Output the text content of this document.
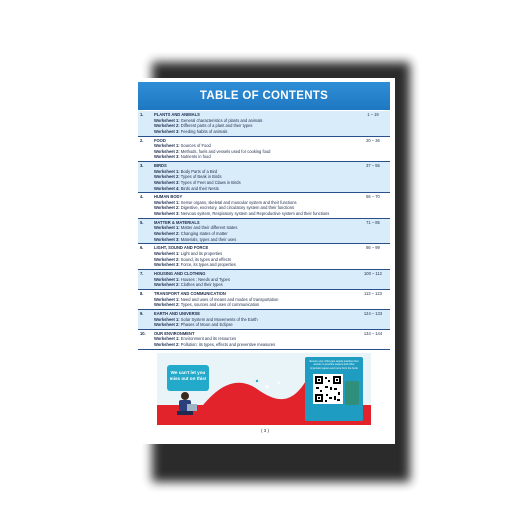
TABLE OF CONTENTS
1.	PLANTS AND ANIMALS	1 – 19
Worksheet 1:
General characteristics of plants and animals
Worksheet 2:
Different parts of a plant and their types
Worksheet 3:
Feeding habits of animals
2.	FOOD	20 – 36
Worksheet 1:
Sources of Food
Worksheet 2:
Methods, fuels and vessels used for cooking food
Worksheet 3:
Nutrients in food
3.	BIRDS	37 – 55
Worksheet 1:
Body Parts of a Bird
Worksheet 2:
Types of Beak in Birds
Worksheet 3:
Types of Feet and Claws in Birds
Worksheet 4:
Birds and their Nests
4.	HUMAN BODY	56 – 70
Worksheet 1:
Sense organs, skeletal and muscular system and their functions
Worksheet 2:
Digestive, excretory, and circulatory system and their functions
Worksheet 3:
Nervous system, Respiratory system and Reproductive system and their functions
5.	MATTER & MATERIALS	71 – 85
Worksheet 1:
Matter and their different states
Worksheet 2:
Changing states of matter
Worksheet 3:
Materials, types and their uses
6.	LIGHT, SOUND AND FORCE	86 – 99
Worksheet 1:
Light and its properties
Worksheet 2:
Sound, its types and effects
Worksheet 3:
Force, its types and properties
7.	HOUSING AND CLOTHING	100 – 112
Worksheet 1:
Houses : Needs and Types
Worksheet 2:
Clothes and their types
8.	TRANSPORT AND COMMUNICATION	113 – 123
Worksheet 1:
Need and uses of means and modes of transportation
Worksheet 2:
Types, sources and uses of communication
9.	EARTH AND UNIVERSE	124 – 133
Worksheet 1:
Solar System and Movements of the Earth
Worksheet 2:
Phases of Moon and Eclipse
10.	OUR ENVIRONMENT	134 – 144
Worksheet 1:
Environment and its resources
Worksheet 2:
Pollution: its types, effects and preventive measures
We can't let you
miss out on this!
Ensure your child gets ample practice! Get access to practice papers and other important papers and more from the book
( 3 )
